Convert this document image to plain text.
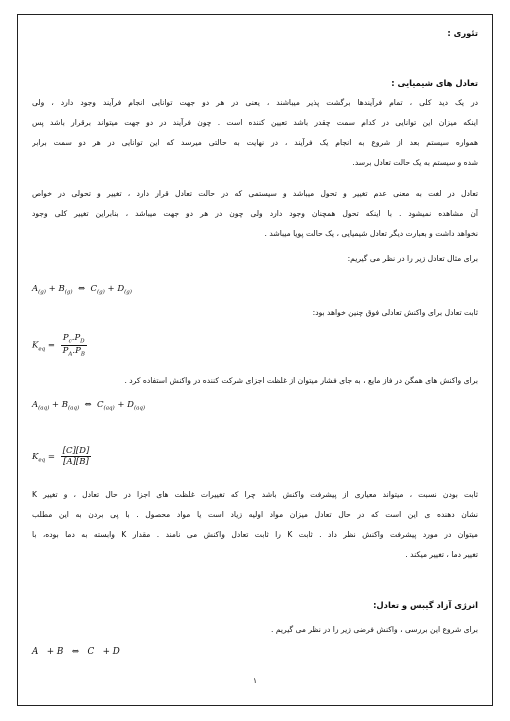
تئوری :
تعادل های شیمیایی :
در یک دید کلی ، تمام فرآیندها برگشت پذیر میباشند ، یعنی در هر دو جهت توانایی انجام فرآیند وجود دارد ، ولی
اینکه میزان این توانایی در کدام سمت چقدر باشد تعیین کننده است . چون فرآیند در دو جهت میتواند برقرار باشد پس
همواره سیستم بعد از شروع به انجام یک فرآیند ، در نهایت به حالتی میرسد که این توانایی در هر دو سمت برابر
شده و سیستم به یک حالت تعادل برسد.
تعادل در لغت به معنی عدم تغییر و تحول میباشد و سیستمی که در حالت تعادل قرار دارد ، تغییر و تحولی در خواص
آن مشاهده نمیشود . با اینکه تحول همچنان وجود دارد ولی چون در هر دو جهت میباشد ، بنابراین تغییر کلی وجود
نخواهد داشت و بعبارت دیگر تعادل شیمیایی ، یک حالت پویا میباشد .
برای مثال تعادل زیر را در نظر می گیریم:
$A_{(g)} + B_{(g)}$  ⇔  $C_{(g)} + D_{(g)}$
ثابت تعادل برای واکنش تعادلی فوق چنین خواهد بود:
$K_{eq} = \frac{P_c.P_D}{P_A.P_B}$
برای واکنش های همگن در فاز مایع ، به جای فشار میتوان از غلظت اجزای شرکت کننده در واکنش استفاده کرد .
$A_{(aq)} + B_{(aq)}$  ⇔  $C_{(aq)} + D_{(aq)}$
$K_{eq} = \frac{[C][D]}{[A][B]}$
ثابت بودن نسبت ، میتواند معیاری از پیشرفت واکنش باشد چرا که تغییرات غلظت های اجزا در حال تعادل ، و تغییر K
نشان دهنده ی این است که در حال تعادل میزان مواد اولیه زیاد است یا مواد محصول . با پی بردن به این مطلب
میتوان در مورد پیشرفت واکنش نظر داد . ثابت K را ثابت تعادل واکنش می نامند . مقدار K وابسته به دما بوده، با
تغییر دما ، تغییر میکند .
انرژی آزاد گیبس و تعادل:
برای شروع این بررسی ، واکنش فرضی زیر را در نظر می گیریم .
A   + B   ⇔   C   + D
۱
